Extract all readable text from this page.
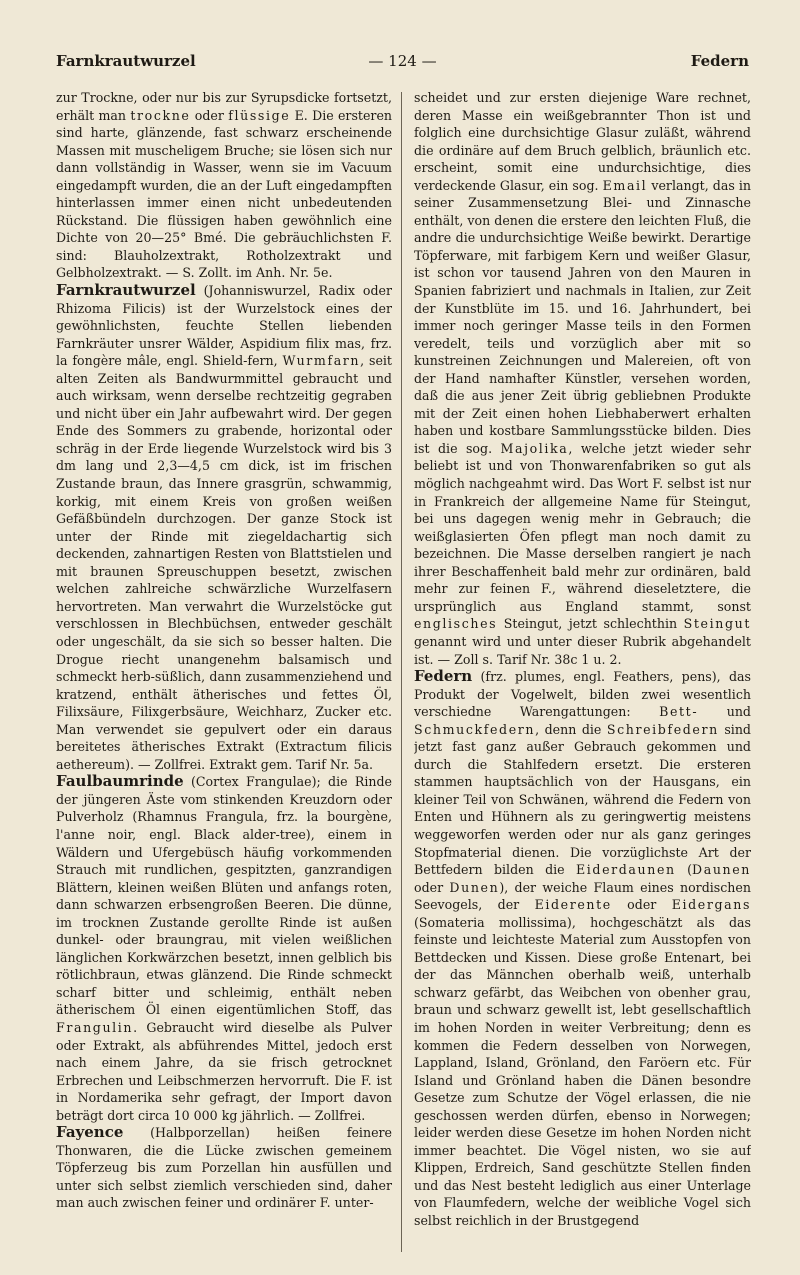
Farnkrautwurzel	— 124 —	Federn

zur Trockne, oder nur bis zur Syrupsdicke fortsetzt, erhält man trockne oder flüssige E. Die ersteren sind harte, glänzende, fast schwarz erscheinende Massen mit muscheligem Bruche; sie lösen sich nur dann vollständig in Wasser, wenn sie im Vacuum eingedampft wurden, die an der Luft eingedampften hinterlassen immer einen nicht unbedeutenden Rückstand. Die flüssigen haben gewöhnlich eine Dichte von 20—25° Bmé. Die gebräuchlichsten F. sind: Blauholzextrakt, Rotholzextrakt und Gelbholzextrakt. — S. Zollt. im Anh. Nr. 5e.

Farnkrautwurzel (Johanniswurzel, Radix oder Rhizoma Filicis) ist der Wurzelstock eines der gewöhnlichsten, feuchte Stellen liebenden Farnkräuter unsrer Wälder, Aspidium filix mas, frz. la fongère mâle, engl. Shield-fern, Wurmfarn, seit alten Zeiten als Bandwurmmittel gebraucht und auch wirksam, wenn derselbe rechtzeitig gegraben und nicht über ein Jahr aufbewahrt wird. Der gegen Ende des Sommers zu grabende, horizontal oder schräg in der Erde liegende Wurzelstock wird bis 3 dm lang und 2,3—4,5 cm dick, ist im frischen Zustande braun, das Innere grasgrün, schwammig, korkig, mit einem Kreis von großen weißen Gefäßbündeln durchzogen. Der ganze Stock ist unter der Rinde mit ziegeldachartig sich deckenden, zahnartigen Resten von Blattstielen und mit braunen Spreuschuppen besetzt, zwischen welchen zahlreiche schwärzliche Wurzelfasern hervortreten. Man verwahrt die Wurzelstöcke gut verschlossen in Blechbüchsen, entweder geschält oder ungeschält, da sie sich so besser halten. Die Drogue riecht unangenehm balsamisch und schmeckt herb-süßlich, dann zusammenziehend und kratzend, enthält ätherisches und fettes Öl, Filixsäure, Filixgerbsäure, Weichharz, Zucker etc. Man verwendet sie gepulvert oder ein daraus bereitetes ätherisches Extrakt (Extractum filicis aethereum). — Zollfrei. Extrakt gem. Tarif Nr. 5a.

Faulbaumrinde (Cortex Frangulae); die Rinde der jüngeren Äste vom stinkenden Kreuzdorn oder Pulverholz (Rhamnus Frangula, frz. la bourgène, l'anne noir, engl. Black alder-tree), einem in Wäldern und Ufergebüsch häufig vorkommenden Strauch mit rundlichen, gespitzten, ganzrandigen Blättern, kleinen weißen Blüten und anfangs roten, dann schwarzen erbsengroßen Beeren. Die dünne, im trocknen Zustande gerollte Rinde ist außen dunkel- oder braungrau, mit vielen weißlichen länglichen Korkwärzchen besetzt, innen gelblich bis rötlichbraun, etwas glänzend. Die Rinde schmeckt scharf bitter und schleimig, enthält neben ätherischem Öl einen eigentümlichen Stoff, das Frangulin. Gebraucht wird dieselbe als Pulver oder Extrakt, als abführendes Mittel, jedoch erst nach einem Jahre, da sie frisch getrocknet Erbrechen und Leibschmerzen hervorruft. Die F. ist in Nordamerika sehr gefragt, der Import davon beträgt dort circa 10 000 kg jährlich. — Zollfrei.

Fayence (Halbporzellan) heißen feinere Thonwaren, die die Lücke zwischen gemeinem Töpferzeug bis zum Porzellan hin ausfüllen und unter sich selbst ziemlich verschieden sind, daher man auch zwischen feiner und ordinärer F. unter-

scheidet und zur ersten diejenige Ware rechnet, deren Masse ein weißgebrannter Thon ist und folglich eine durchsichtige Glasur zuläßt, während die ordinäre auf dem Bruch gelblich, bräunlich etc. erscheint, somit eine undurchsichtige, dies verdeckende Glasur, ein sog. Email verlangt, das in seiner Zusammensetzung Blei- und Zinnasche enthält, von denen die erstere den leichten Fluß, die andre die undurchsichtige Weiße bewirkt. Derartige Töpferware, mit farbigem Kern und weißer Glasur, ist schon vor tausend Jahren von den Mauren in Spanien fabriziert und nachmals in Italien, zur Zeit der Kunstblüte im 15. und 16. Jahrhundert, bei immer noch geringer Masse teils in den Formen veredelt, teils und vorzüglich aber mit so kunstreinen Zeichnungen und Malereien, oft von der Hand namhafter Künstler, versehen worden, daß die aus jener Zeit übrig gebliebnen Produkte mit der Zeit einen hohen Liebhaberwert erhalten haben und kostbare Sammlungsstücke bilden. Dies ist die sog. Majolika, welche jetzt wieder sehr beliebt ist und von Thonwarenfabriken so gut als möglich nachgeahmt wird. Das Wort F. selbst ist nur in Frankreich der allgemeine Name für Steingut, bei uns dagegen wenig mehr in Gebrauch; die weißglasierten Öfen pflegt man noch damit zu bezeichnen. Die Masse derselben rangiert je nach ihrer Beschaffenheit bald mehr zur ordinären, bald mehr zur feinen F., während dieseletztere, die ursprünglich aus England stammt, sonst englisches Steingut, jetzt schlechthin Steingut genannt wird und unter dieser Rubrik abgehandelt ist. — Zoll s. Tarif Nr. 38c 1 u. 2.

Federn (frz. plumes, engl. Feathers, pens), das Produkt der Vogelwelt, bilden zwei wesentlich verschiedne Warengattungen: Bett- und Schmuckfedern, denn die Schreibfedern sind jetzt fast ganz außer Gebrauch gekommen und durch die Stahlfedern ersetzt. Die ersteren stammen hauptsächlich von der Hausgans, ein kleiner Teil von Schwänen, während die Federn von Enten und Hühnern als zu geringwertig meistens weggeworfen werden oder nur als ganz geringes Stopfmaterial dienen. Die vorzüglichste Art der Bettfedern bilden die Eiderdaunen (Daunen oder Dunen), der weiche Flaum eines nordischen Seevogels, der Eiderente oder Eidergans (Somateria mollissima), hochgeschätzt als das feinste und leichteste Material zum Ausstopfen von Bettdecken und Kissen. Diese große Entenart, bei der das Männchen oberhalb weiß, unterhalb schwarz gefärbt, das Weibchen von obenher grau, braun und schwarz gewellt ist, lebt gesellschaftlich im hohen Norden in weiter Verbreitung; denn es kommen die Federn desselben von Norwegen, Lappland, Island, Grönland, den Faröern etc. Für Island und Grönland haben die Dänen besondre Gesetze zum Schutze der Vögel erlassen, die nie geschossen werden dürfen, ebenso in Norwegen; leider werden diese Gesetze im hohen Norden nicht immer beachtet. Die Vögel nisten, wo sie auf Klippen, Erdreich, Sand geschützte Stellen finden und das Nest besteht lediglich aus einer Unterlage von Flaumfedern, welche der weibliche Vogel sich selbst reichlich in der Brustgegend
